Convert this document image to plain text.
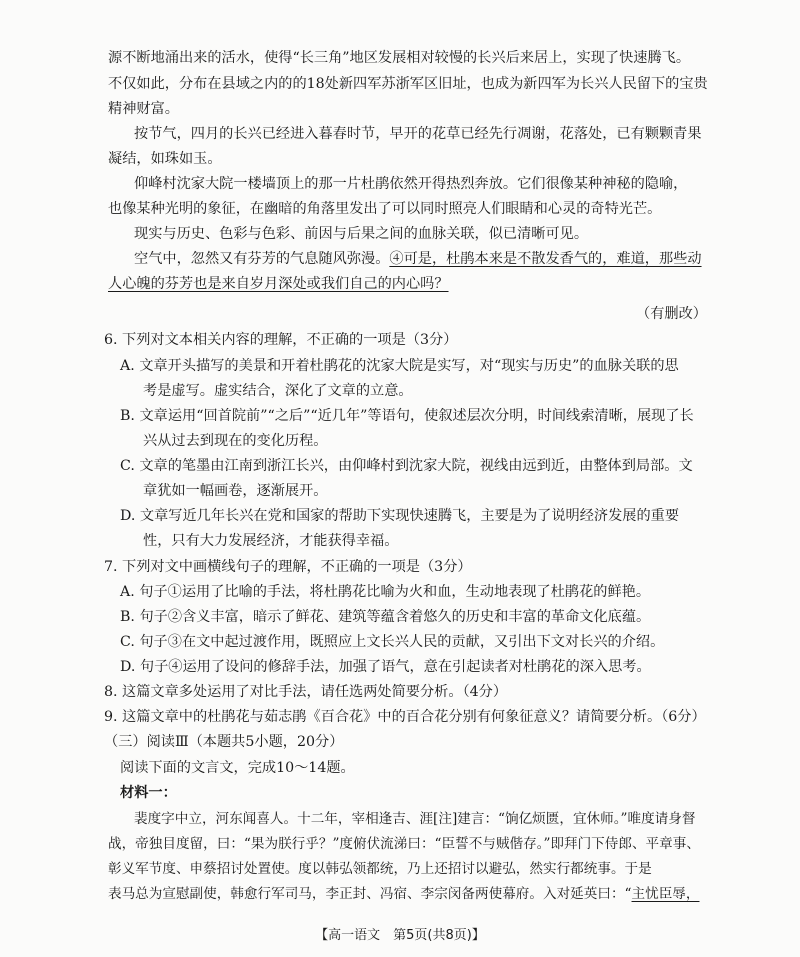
源不断地涌出来的活水，使得“长三角”地区发展相对较慢的长兴后来居上，实现了快速腾飞。
不仅如此，分布在县域之内的的18处新四军苏浙军区旧址，也成为新四军为长兴人民留下的宝贵
精神财富。
按节气，四月的长兴已经进入暮春时节，早开的花草已经先行凋谢，花落处，已有颗颗青果
凝结，如珠如玉。
仰峰村沈家大院一楼墙顶上的那一片杜鹃依然开得热烈奔放。它们很像某种神秘的隐喻，
也像某种光明的象征，在幽暗的角落里发出了可以同时照亮人们眼睛和心灵的奇特光芒。
现实与历史、色彩与色彩、前因与后果之间的血脉关联，似已清晰可见。
空气中，忽然又有芬芳的气息随风弥漫。④可是，杜鹃本来是不散发香气的，难道，那些动
人心魄的芬芳也是来自岁月深处或我们自己的内心吗？
（有删改）
6. 下列对文本相关内容的理解，不正确的一项是（3分）
A. 文章开头描写的美景和开着杜鹃花的沈家大院是实写，对“现实与历史”的血脉关联的思
考是虚写。虚实结合，深化了文章的立意。
B. 文章运用“回首院前”“之后”“近几年”等语句，使叙述层次分明，时间线索清晰，展现了长
兴从过去到现在的变化历程。
C. 文章的笔墨由江南到浙江长兴，由仰峰村到沈家大院，视线由远到近，由整体到局部。文
章犹如一幅画卷，逐渐展开。
D. 文章写近几年长兴在党和国家的帮助下实现快速腾飞，主要是为了说明经济发展的重要
性，只有大力发展经济，才能获得幸福。
7. 下列对文中画横线句子的理解，不正确的一项是（3分）
A. 句子①运用了比喻的手法，将杜鹃花比喻为火和血，生动地表现了杜鹃花的鲜艳。
B. 句子②含义丰富，暗示了鲜花、建筑等蕴含着悠久的历史和丰富的革命文化底蕴。
C. 句子③在文中起过渡作用，既照应上文长兴人民的贡献，又引出下文对长兴的介绍。
D. 句子④运用了设问的修辞手法，加强了语气，意在引起读者对杜鹃花的深入思考。
8. 这篇文章多处运用了对比手法，请任选两处简要分析。（4分）
9. 这篇文章中的杜鹃花与茹志鹃《百合花》中的百合花分别有何象征意义？请简要分析。（6分）
（三）阅读Ⅲ（本题共5小题，20分）
阅读下面的文言文，完成10～14题。
材料一：
裴度字中立，河东闻喜人。十二年，宰相逢吉、涯[注]建言：“饷亿烦匮，宜休师。”唯度请身督
战，帝独目度留，曰：“果为朕行乎？”度俯伏流涕曰：“臣誓不与贼偕存。”即拜门下侍郎、平章事、
彰义军节度、申蔡招讨处置使。度以韩弘领都统，乃上还招讨以避弘，然实行都统事。于是
表马总为宣慰副使，韩愈行军司马，李正封、冯宿、李宗闵备两使幕府。入对延英曰：“主忧臣辱，
【高一语文　第5页(共8页)】
